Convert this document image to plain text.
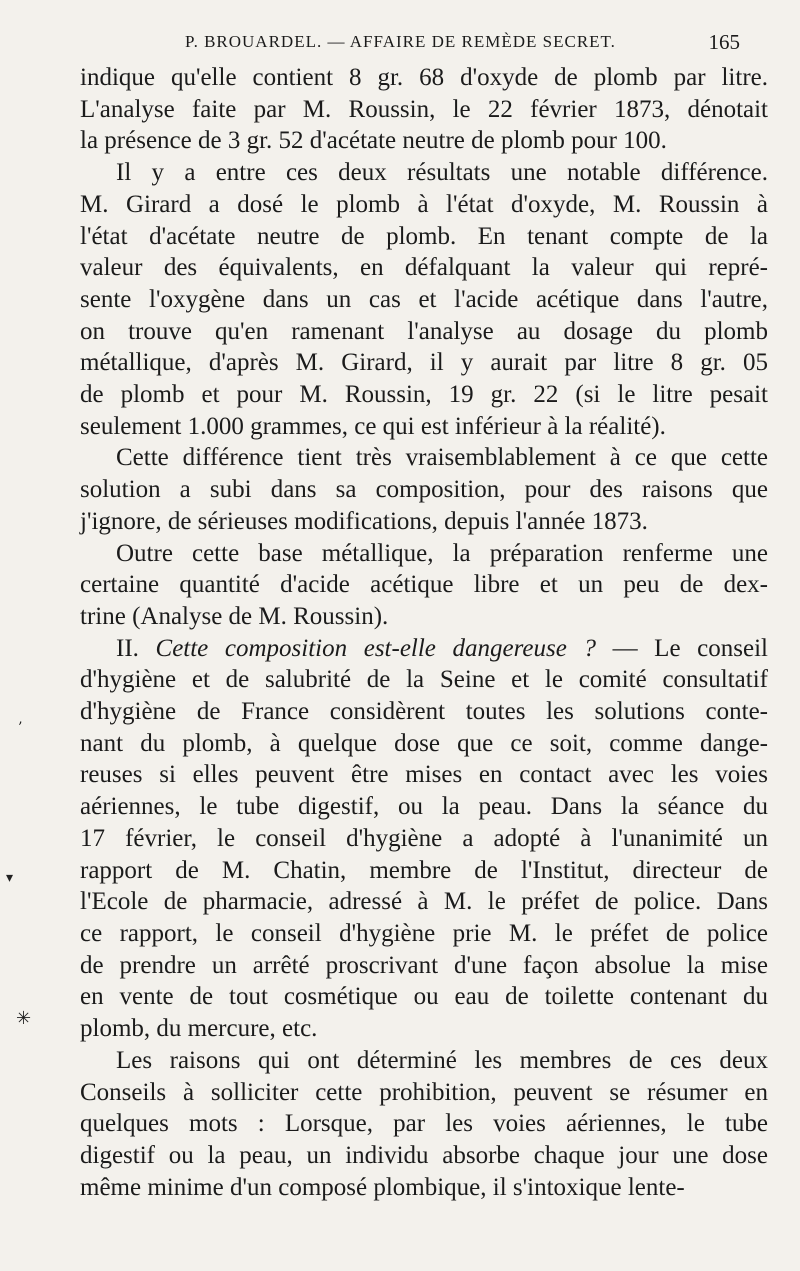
P. BROUARDEL. — AFFAIRE DE REMÈDE SECRET.	165

indique qu'elle contient 8 gr. 68 d'oxyde de plomb par litre.
L'analyse faite par M. Roussin, le 22 février 1873, dénotait
la présence de 3 gr. 52 d'acétate neutre de plomb pour 100.

Il y a entre ces deux résultats une notable différence.
M. Girard a dosé le plomb à l'état d'oxyde, M. Roussin à
l'état d'acétate neutre de plomb. En tenant compte de la
valeur des équivalents, en défalquant la valeur qui repré-
sente l'oxygène dans un cas et l'acide acétique dans l'autre,
on trouve qu'en ramenant l'analyse au dosage du plomb
métallique, d'après M. Girard, il y aurait par litre 8 gr. 05
de plomb et pour M. Roussin, 19 gr. 22 (si le litre pesait
seulement 1.000 grammes, ce qui est inférieur à la réalité).

Cette différence tient très vraisemblablement à ce que cette
solution a subi dans sa composition, pour des raisons que
j'ignore, de sérieuses modifications, depuis l'année 1873.

Outre cette base métallique, la préparation renferme une
certaine quantité d'acide acétique libre et un peu de dex-
trine (Analyse de M. Roussin).

II. Cette composition est-elle dangereuse ? — Le conseil
d'hygiène et de salubrité de la Seine et le comité consultatif
d'hygiène de France considèrent toutes les solutions conte-
nant du plomb, à quelque dose que ce soit, comme dange-
reuses si elles peuvent être mises en contact avec les voies
aériennes, le tube digestif, ou la peau. Dans la séance du
17 février, le conseil d'hygiène a adopté à l'unanimité un
rapport de M. Chatin, membre de l'Institut, directeur de
l'Ecole de pharmacie, adressé à M. le préfet de police. Dans
ce rapport, le conseil d'hygiène prie M. le préfet de police
de prendre un arrêté proscrivant d'une façon absolue la mise
en vente de tout cosmétique ou eau de toilette contenant du
plomb, du mercure, etc.

Les raisons qui ont déterminé les membres de ces deux
Conseils à solliciter cette prohibition, peuvent se résumer en
quelques mots : Lorsque, par les voies aériennes, le tube
digestif ou la peau, un individu absorbe chaque jour une dose
même minime d'un composé plombique, il s'intoxique lente-

’
▾
✳
